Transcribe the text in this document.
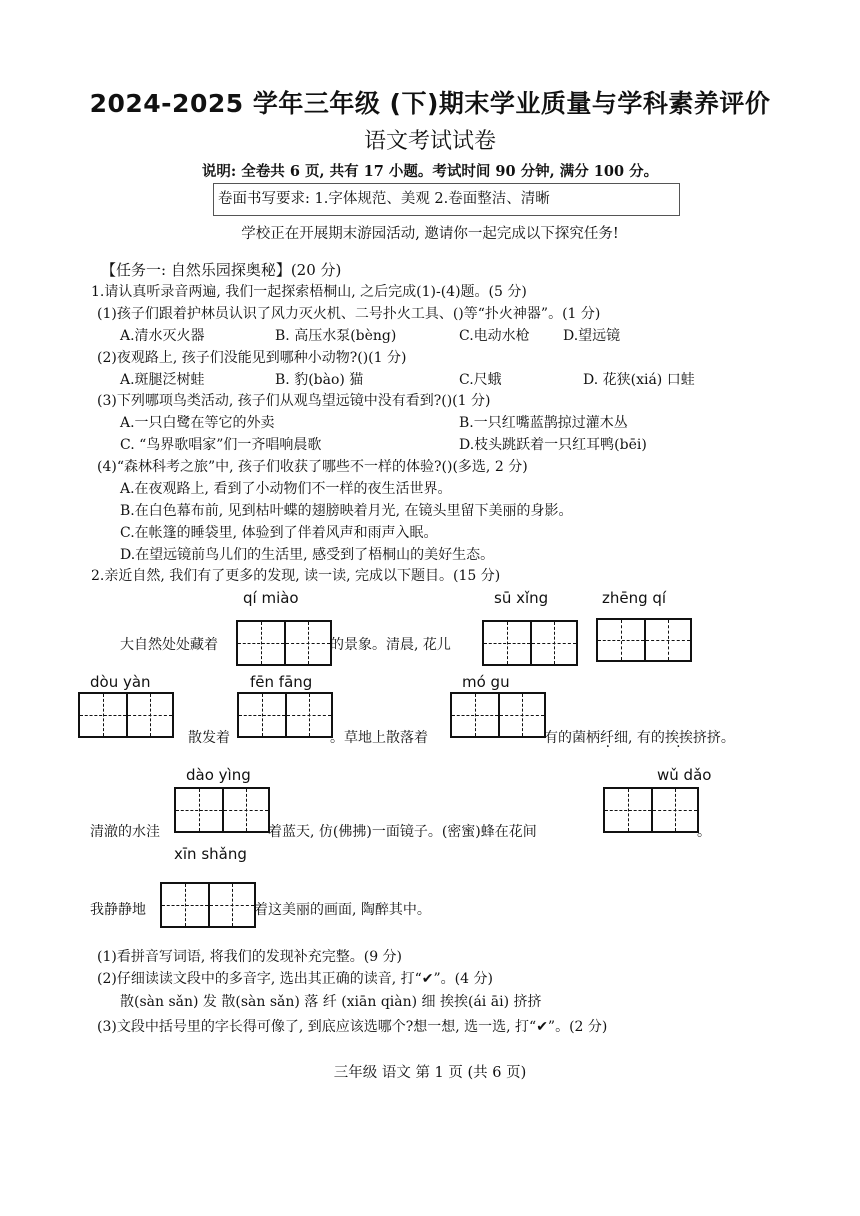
2024-2025 学年三年级 (下)期末学业质量与学科素养评价
语文考试试卷
说明: 全卷共 6 页, 共有 17 小题。考试时间 90 分钟, 满分 100 分。
卷面书写要求: 1.字体规范、美观 2.卷面整洁、清晰
学校正在开展期末游园活动, 邀请你一起完成以下探究任务!
【任务一: 自然乐园探奥秘】(20 分)
1.请认真听录音两遍, 我们一起探索梧桐山, 之后完成(1)-(4)题。(5 分)
(1)孩子们跟着护林员认识了风力灭火机、二号扑火工具、()等“扑火神器”。(1 分)
A.清水灭火器	B. 高压水泵(bèng)	C.电动水枪 D.望远镜
(2)夜观路上, 孩子们没能见到哪种小动物?()(1 分)
A.斑腿泛树蛙	B. 豹(bào) 猫	C.尺蛾	D. 花狭(xiá) 口蛙
(3)下列哪项鸟类活动, 孩子们从观鸟望远镜中没有看到?()(1 分)
A.一只白鹭在等它的外卖	B.一只红嘴蓝鹊掠过灌木丛
C. “鸟界歌唱家”们一齐唱响晨歌	D.枝头跳跃着一只红耳鸭(bēi)
(4)“森林科考之旅”中, 孩子们收获了哪些不一样的体验?()(多选, 2 分)
A.在夜观路上, 看到了小动物们不一样的夜生活世界。
B.在白色幕布前, 见到枯叶蝶的翅膀映着月光, 在镜头里留下美丽的身影。
C.在帐篷的睡袋里, 体验到了伴着风声和雨声入眠。
D.在望远镜前鸟儿们的生活里, 感受到了梧桐山的美好生态。
2.亲近自然, 我们有了更多的发现, 读一读, 完成以下题目。(15 分)
qí miào	sū xǐng	zhēng qí
dòu yàn	fēn fāng	mó gu
dào yìng	wǔ dǎo
xīn shǎng
大自然处处藏着	的景象。清晨, 花儿
散发着	。草地上散落着	有的菌柄纤细, 有的挨挨挤挤。
清澈的水洼	着蓝天, 仿(佛拂)一面镜子。(密蜜)蜂在花间	。
我静静地	着这美丽的画面, 陶醉其中。
(1)看拼音写词语, 将我们的发现补充完整。(9 分)
(2)仔细读读文段中的多音字, 选出其正确的读音, 打“✔”。(4 分)
散(sàn sǎn) 发 散(sàn sǎn) 落 纤 (xiān qiàn) 细 挨挨(ái āi) 挤挤
(3)文段中括号里的字长得可像了, 到底应该选哪个?想一想, 选一选, 打“✔”。(2 分)
三年级 语文 第 1 页 (共 6 页)
